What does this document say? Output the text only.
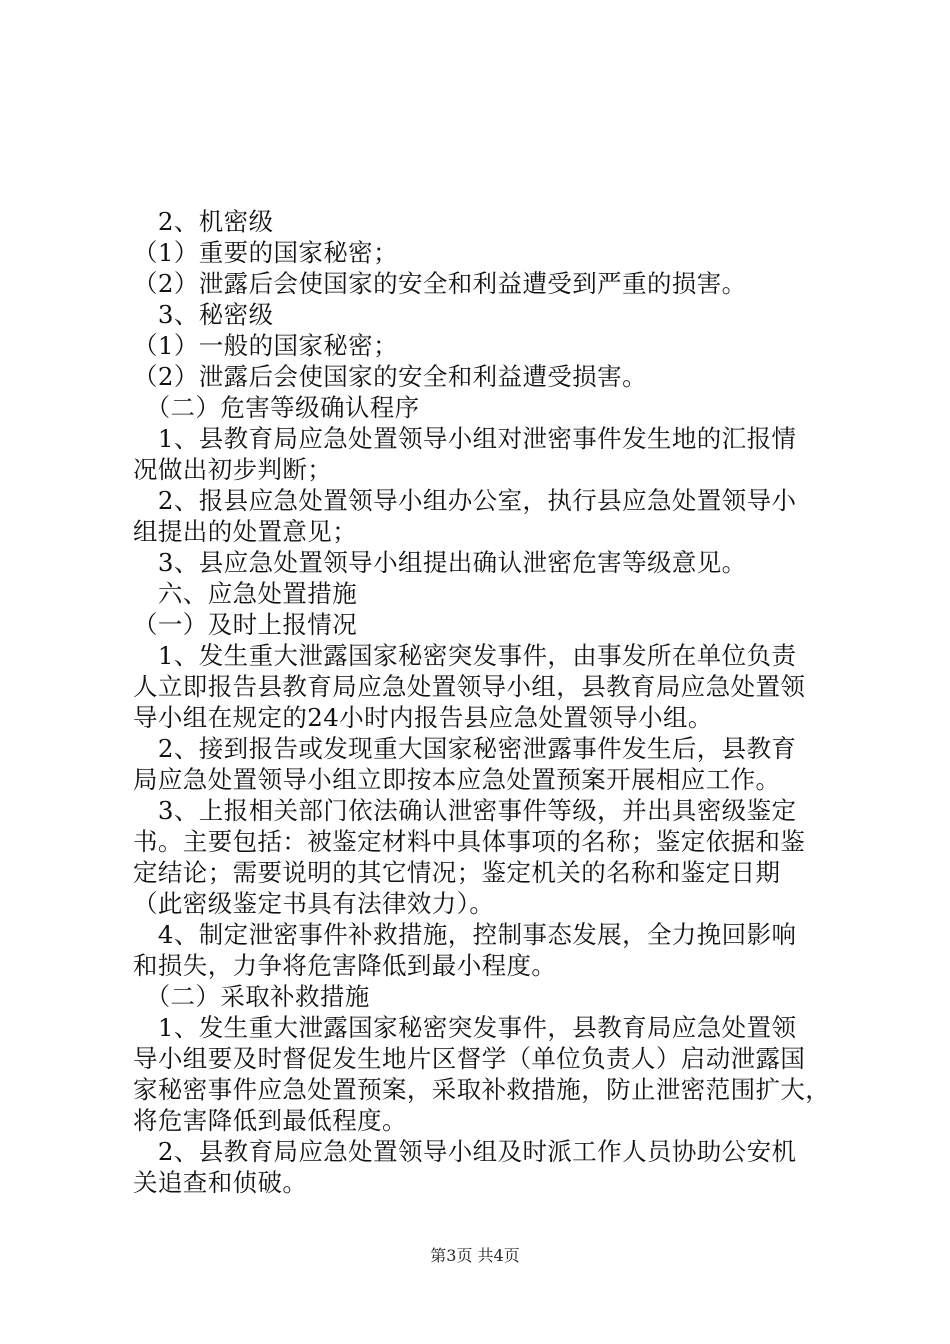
　2、机密级
（1）重要的国家秘密；
（2）泄露后会使国家的安全和利益遭受到严重的损害。
　3、秘密级
（1）一般的国家秘密；
（2）泄露后会使国家的安全和利益遭受损害。
　（二）危害等级确认程序
　1、县教育局应急处置领导小组对泄密事件发生地的汇报情
况做出初步判断；
　2、报县应急处置领导小组办公室，执行县应急处置领导小
组提出的处置意见；
　3、县应急处置领导小组提出确认泄密危害等级意见。
　六、应急处置措施
（一）及时上报情况
　1、发生重大泄露国家秘密突发事件，由事发所在单位负责
人立即报告县教育局应急处置领导小组，县教育局应急处置领
导小组在规定的24小时内报告县应急处置领导小组。
　2、接到报告或发现重大国家秘密泄露事件发生后，县教育
局应急处置领导小组立即按本应急处置预案开展相应工作。
　3、上报相关部门依法确认泄密事件等级，并出具密级鉴定
书。主要包括：被鉴定材料中具体事项的名称；鉴定依据和鉴
定结论；需要说明的其它情况；鉴定机关的名称和鉴定日期
（此密级鉴定书具有法律效力）。
　4、制定泄密事件补救措施，控制事态发展，全力挽回影响
和损失，力争将危害降低到最小程度。
　（二）采取补救措施
　1、发生重大泄露国家秘密突发事件，县教育局应急处置领
导小组要及时督促发生地片区督学（单位负责人）启动泄露国
家秘密事件应急处置预案，采取补救措施，防止泄密范围扩大，
将危害降低到最低程度。
　2、县教育局应急处置领导小组及时派工作人员协助公安机
关追查和侦破。
第3页 共4页
